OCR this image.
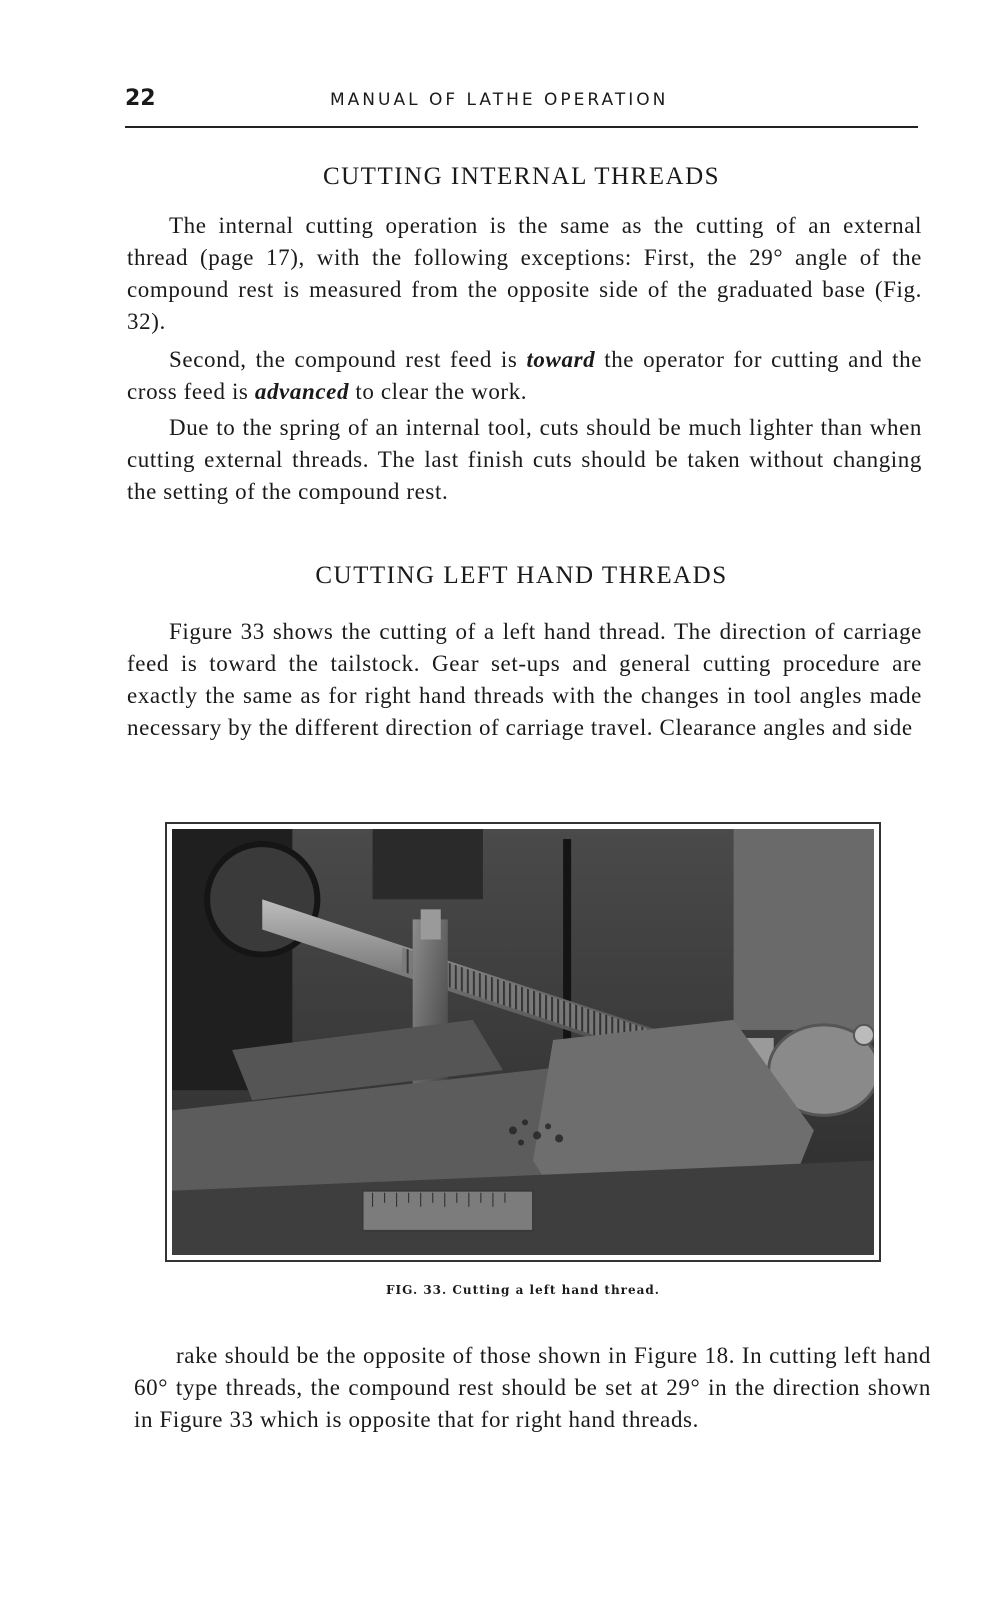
22	MANUAL OF LATHE OPERATION
CUTTING INTERNAL THREADS

The internal cutting operation is the same as the cutting of an external thread (page 17), with the following exceptions: First, the 29° angle of the compound rest is measured from the opposite side of the graduated base (Fig. 32).

Second, the compound rest feed is toward the operator for cutting and the cross feed is advanced to clear the work.

Due to the spring of an internal tool, cuts should be much lighter than when cutting external threads. The last finish cuts should be taken without changing the setting of the compound rest.

CUTTING LEFT HAND THREADS

Figure 33 shows the cutting of a left hand thread. The direction of carriage feed is toward the tailstock. Gear set-ups and general cutting procedure are exactly the same as for right hand threads with the changes in tool angles made necessary by the different direction of carriage travel. Clearance angles and side

FIG. 33. Cutting a left hand thread.

rake should be the opposite of those shown in Figure 18. In cutting left hand 60° type threads, the compound rest should be set at 29° in the direction shown in Figure 33 which is opposite that for right hand threads.
